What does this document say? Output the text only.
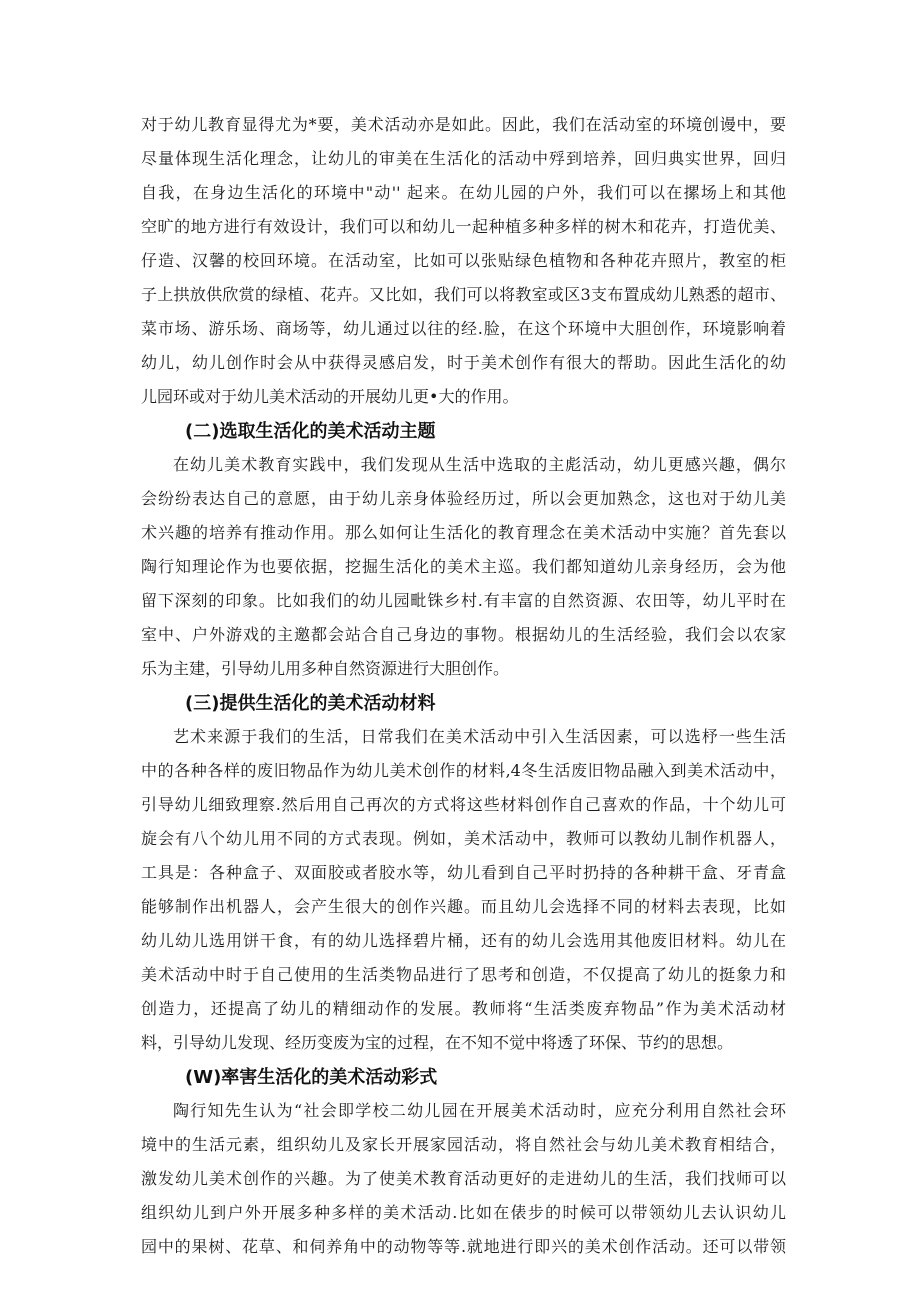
对于幼儿教育显得尤为*要，美术活动亦是如此。因此，我们在活动室的环境创谩中，要
尽量体现生活化理念，让幼儿的审美在生活化的活动中殍到培养，回归典实世界，回归
自我，在身边生活化的环境中"动'' 起来。在幼儿园的户外，我们可以在摞场上和其他
空旷的地方进行有效设计，我们可以和幼儿一起种植多种多样的树木和花卉，打造优美、
仔造、汉馨的校回环境。在活动室，比如可以张贴绿色植物和各种花卉照片，教室的柜
子上拱放供欣赏的绿植、花卉。又比如，我们可以将教室或区3支布置成幼儿熟悉的超市、
菜市场、游乐场、商场等，幼儿通过以往的经.脸，在这个环境中大胆创作，环境影响着
幼儿，幼儿创作时会从中获得灵感启发，时于美术创作有很大的帮助。因此生活化的幼
儿园环或对于幼儿美术活动的开展幼儿更•大的作用。
(二)选取生活化的美术活动主题
在幼儿美术教育实践中，我们发现从生活中选取的主彪活动，幼儿更感兴趣，偶尔
会纷纷表达自己的意愿，由于幼儿亲身体验经历过，所以会更加熟念，这也对于幼儿美
术兴趣的培养有推动作用。那么如何让生活化的教育理念在美术活动中实施？首先套以
陶行知理论作为也要依据，挖掘生活化的美术主巡。我们都知道幼儿亲身经历，会为他
留下深刻的印象。比如我们的幼儿园毗铢乡村.有丰富的自然资源、农田等，幼儿平时在
室中、户外游戏的主邀都会站合自己身边的事物。根据幼儿的生活经验，我们会以农家
乐为主建，引导幼儿用多种自然资源进行大胆创作。
(三)提供生活化的美术活动材料
艺术来源于我们的生活，日常我们在美术活动中引入生活因素，可以选杼一些生活
中的各种各样的废旧物品作为幼儿美术创作的材料,4冬生活废旧物品融入到美术活动中，
引导幼儿细致理察.然后用自己再次的方式将这些材料创作自己喜欢的作品，十个幼儿可
旋会有八个幼儿用不同的方式表现。例如，美术活动中，教师可以教幼儿制作机器人，
工具是：各种盒子、双面胶或者胶水等，幼儿看到自己平时扔持的各种耕干盒、牙青盒
能够制作出机器人，会产生很大的创作兴趣。而且幼儿会选择不同的材料去表现，比如
幼儿幼儿选用饼干食，有的幼儿选择碧片桶，还有的幼儿会选用其他废旧材料。幼儿在
美术活动中时于自己使用的生活类物品进行了思考和创造，不仅提高了幼儿的挺象力和
创造力，还提高了幼儿的精细动作的发展。教师将“生活类废弃物品”作为美术活动材
料，引导幼儿发现、经历变废为宝的过程，在不知不觉中将透了环保、节约的思想。
(W)率害生活化的美术活动彩式
陶行知先生认为“社会即学校二幼儿园在开展美术活动时，应充分利用自然社会环
境中的生活元素，组织幼儿及家长开展家园活动，将自然社会与幼儿美术教育相结合，
激发幼儿美术创作的兴趣。为了使美术教育活动更好的走进幼儿的生活，我们找师可以
组织幼儿到户外开展多种多样的美术活动.比如在俵步的时候可以带领幼儿去认识幼儿
园中的果树、花草、和伺养角中的动物等等.就地进行即兴的美术创作活动。还可以带领
